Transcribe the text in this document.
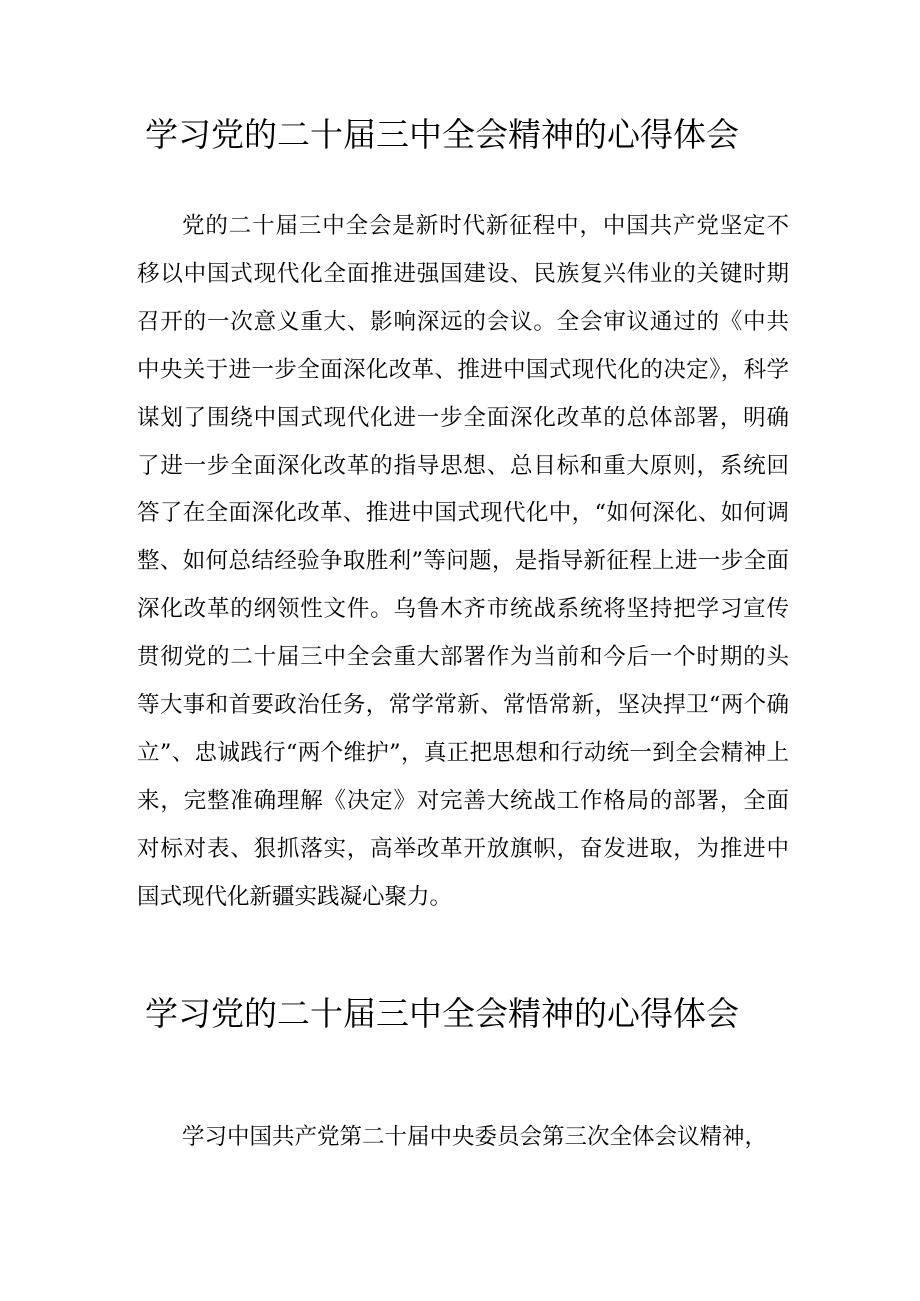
学习党的二十届三中全会精神的心得体会

党的二十届三中全会是新时代新征程中，中国共产党坚定不移以中国式现代化全面推进强国建设、民族复兴伟业的关键时期召开的一次意义重大、影响深远的会议。全会审议通过的《中共中央关于进一步全面深化改革、推进中国式现代化的决定》，科学谋划了围绕中国式现代化进一步全面深化改革的总体部署，明确了进一步全面深化改革的指导思想、总目标和重大原则，系统回答了在全面深化改革、推进中国式现代化中，“如何深化、如何调整、如何总结经验争取胜利”等问题，是指导新征程上进一步全面深化改革的纲领性文件。乌鲁木齐市统战系统将坚持把学习宣传贯彻党的二十届三中全会重大部署作为当前和今后一个时期的头等大事和首要政治任务，常学常新、常悟常新，坚决捍卫“两个确立”、忠诚践行“两个维护”，真正把思想和行动统一到全会精神上来，完整准确理解《决定》对完善大统战工作格局的部署，全面对标对表、狠抓落实，高举改革开放旗帜，奋发进取，为推进中国式现代化新疆实践凝心聚力。

学习党的二十届三中全会精神的心得体会

学习中国共产党第二十届中央委员会第三次全体会议精神，
